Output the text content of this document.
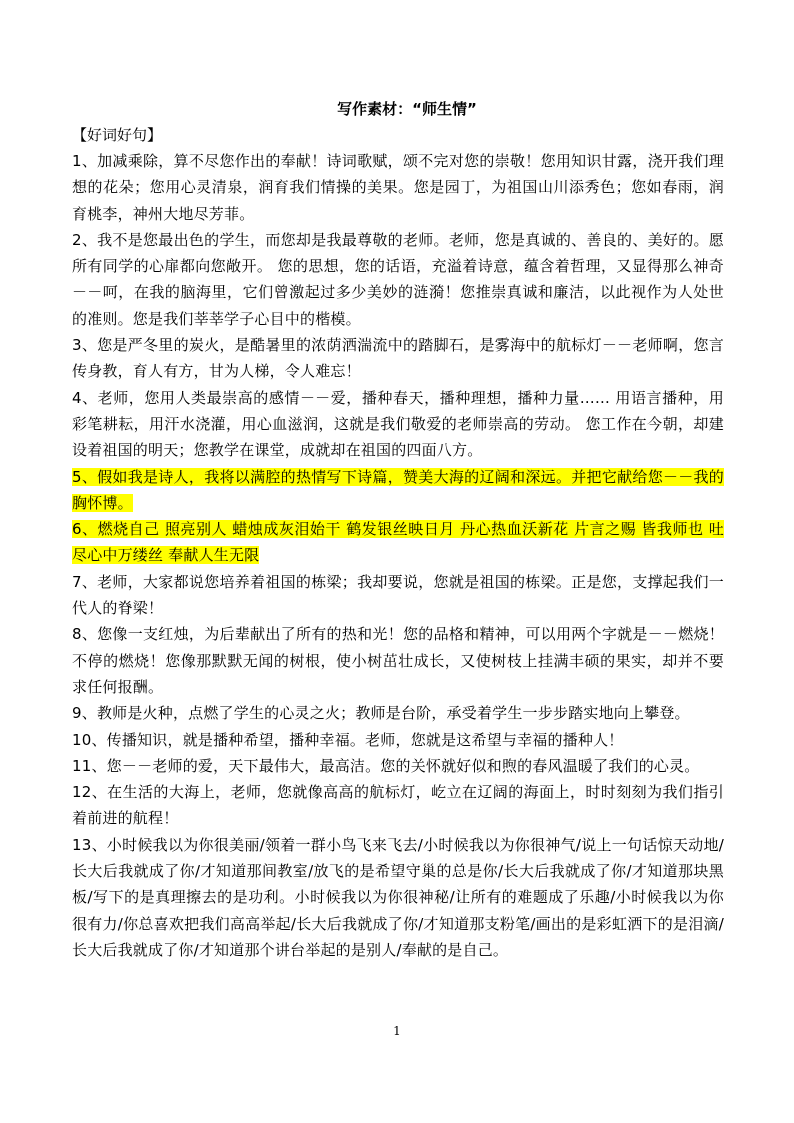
写作素材：“师生情”

【好词好句】

1、加减乘除，算不尽您作出的奉献！诗词歌赋，颂不完对您的崇敬！您用知识甘露，浇开我们理想的花朵；您用心灵清泉，润育我们情操的美果。您是园丁，为祖国山川添秀色；您如春雨，润育桃李，神州大地尽芳菲。

2、我不是您最出色的学生，而您却是我最尊敬的老师。老师，您是真诚的、善良的、美好的。愿所有同学的心扉都向您敞开。 您的思想，您的话语，充溢着诗意，蕴含着哲理，又显得那么神奇－－呵，在我的脑海里，它们曾激起过多少美妙的涟漪！您推崇真诚和廉洁，以此视作为人处世的准则。您是我们莘莘学子心目中的楷模。

3、您是严冬里的炭火，是酷暑里的浓荫洒湍流中的踏脚石，是雾海中的航标灯－－老师啊，您言传身教，育人有方，甘为人梯，令人难忘！

4、老师，您用人类最崇高的感情－－爱，播种春天，播种理想，播种力量…… 用语言播种，用彩笔耕耘，用汗水浇灌，用心血滋润，这就是我们敬爱的老师崇高的劳动。 您工作在今朝，却建设着祖国的明天；您教学在课堂，成就却在祖国的四面八方。

5、假如我是诗人，我将以满腔的热情写下诗篇，赞美大海的辽阔和深远。并把它献给您－－我的胸怀博。

6、燃烧自己 照亮别人 蜡烛成灰泪始干 鹤发银丝映日月 丹心热血沃新花 片言之赐 皆我师也 吐尽心中万缕丝 奉献人生无限

7、老师，大家都说您培养着祖国的栋梁；我却要说，您就是祖国的栋梁。正是您，支撑起我们一代人的脊梁！

8、您像一支红烛，为后辈献出了所有的热和光！您的品格和精神，可以用两个字就是－－燃烧！不停的燃烧！您像那默默无闻的树根，使小树茁壮成长，又使树枝上挂满丰硕的果实，却并不要求任何报酬。

9、教师是火种，点燃了学生的心灵之火；教师是台阶，承受着学生一步步踏实地向上攀登。

10、传播知识，就是播种希望，播种幸福。老师，您就是这希望与幸福的播种人！

11、您－－老师的爱，天下最伟大，最高洁。您的关怀就好似和煦的春风温暖了我们的心灵。

12、在生活的大海上，老师，您就像高高的航标灯，屹立在辽阔的海面上，时时刻刻为我们指引着前进的航程！

13、小时候我以为你很美丽/领着一群小鸟飞来飞去/小时候我以为你很神气/说上一句话惊天动地/长大后我就成了你/才知道那间教室/放飞的是希望守巢的总是你/长大后我就成了你/才知道那块黑板/写下的是真理擦去的是功利。小时候我以为你很神秘/让所有的难题成了乐趣/小时候我以为你很有力/你总喜欢把我们高高举起/长大后我就成了你/才知道那支粉笔/画出的是彩虹洒下的是泪滴/长大后我就成了你/才知道那个讲台举起的是别人/奉献的是自己。

1
